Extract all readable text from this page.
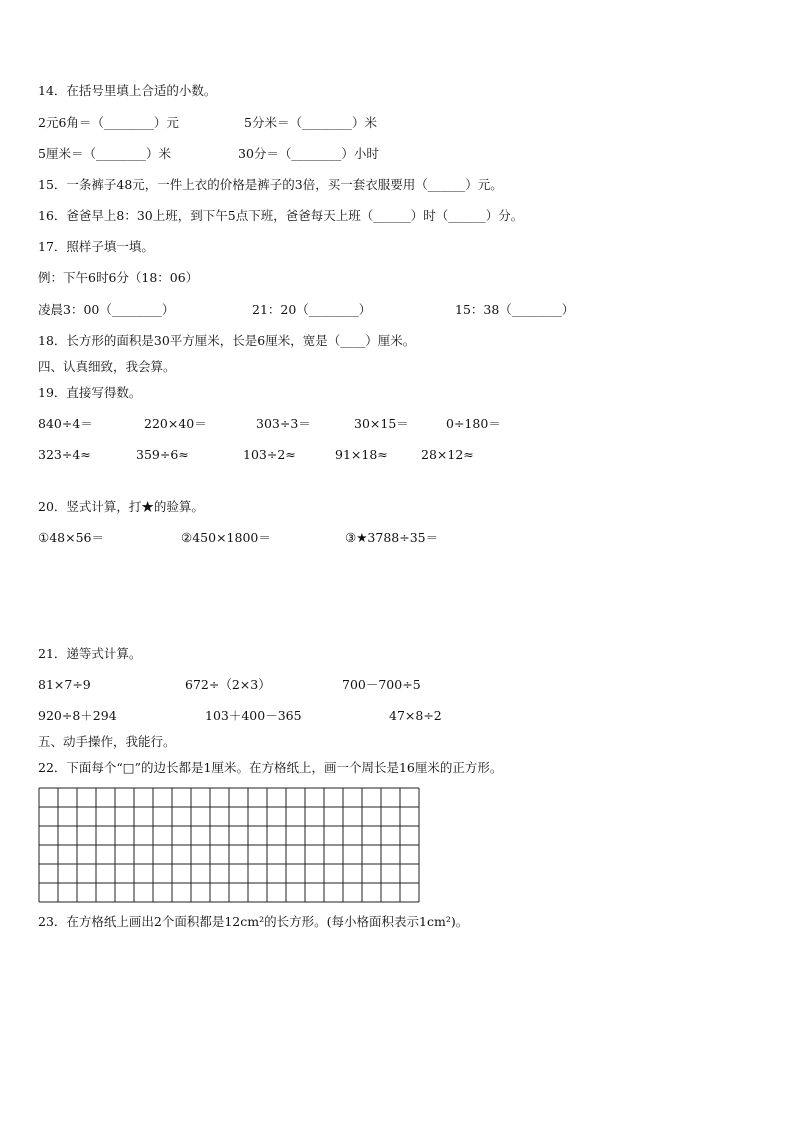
14．在括号里填上合适的小数。
2元6角＝（________）元	5分米＝（________）米
5厘米＝（________）米	30分＝（________）小时
15．一条裤子48元，一件上衣的价格是裤子的3倍，买一套衣服要用（______）元。
16．爸爸早上8：30上班，到下午5点下班，爸爸每天上班（______）时（______）分。
17．照样子填一填。
例：下午6时6分（18：06）
凌晨3：00（________）	21：20（________）	15：38（________）
18．长方形的面积是30平方厘米，长是6厘米，宽是（____）厘米。
四、认真细致，我会算。
19．直接写得数。
840÷4＝	220×40＝	303÷3＝	30×15＝	0÷180＝
323÷4≈	359÷6≈	103÷2≈	91×18≈	28×12≈
20．竖式计算，打★的验算。
①48×56＝	②450×1800＝	③★3788÷35＝
21．递等式计算。
81×7÷9	672÷（2×3）	700－700÷5
920÷8＋294	103＋400－365	47×8÷2
五、动手操作，我能行。
22．下面每个“□”的边长都是1厘米。在方格纸上，画一个周长是16厘米的正方形。
23．在方格纸上画出2个面积都是12cm²的长方形。(每小格面积表示1cm²)。
